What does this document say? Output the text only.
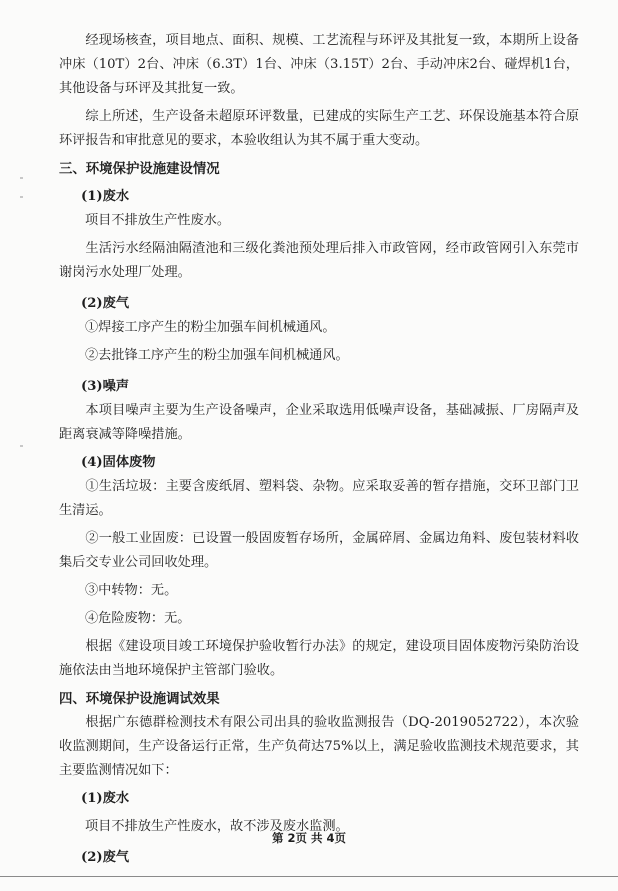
经现场核查，项目地点、面积、规模、工艺流程与环评及其批复一致，本期所上设备冲床（10T）2台、冲床（6.3T）1台、冲床（3.15T）2台、手动冲床2台、碰焊机1台，其他设备与环评及其批复一致。

综上所述，生产设备未超原环评数量，已建成的实际生产工艺、环保设施基本符合原环评报告和审批意见的要求，本验收组认为其不属于重大变动。

三、环境保护设施建设情况
(1)废水

项目不排放生产性废水。

生活污水经隔油隔渣池和三级化粪池预处理后排入市政管网，经市政管网引入东莞市谢岗污水处理厂处理。

(2)废气

①焊接工序产生的粉尘加强车间机械通风。

②去批锋工序产生的粉尘加强车间机械通风。

(3)噪声

本项目噪声主要为生产设备噪声，企业采取选用低噪声设备，基础减振、厂房隔声及距离衰减等降噪措施。

(4)固体废物

①生活垃圾：主要含废纸屑、塑料袋、杂物。应采取妥善的暂存措施，交环卫部门卫生清运。

②一般工业固废：已设置一般固废暂存场所，金属碎屑、金属边角料、废包装材料收集后交专业公司回收处理。

③中转物：无。

④危险废物：无。

根据《建设项目竣工环境保护验收暂行办法》的规定，建设项目固体废物污染防治设施依法由当地环境保护主管部门验收。

四、环境保护设施调试效果

根据广东德群检测技术有限公司出具的验收监测报告（DQ-2019052722），本次验收监测期间，生产设备运行正常，生产负荷达75%以上，满足验收监测技术规范要求，其主要监测情况如下：

(1)废水

项目不排放生产性废水，故不涉及废水监测。

(2)废气
第 2页 共 4页
